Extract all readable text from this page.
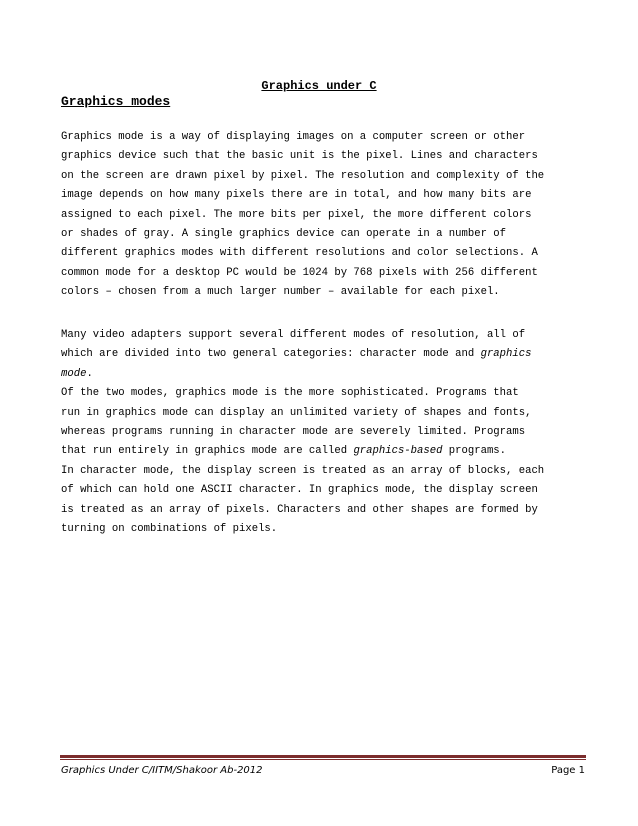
Graphics under C
Graphics modes
Graphics mode is a way of displaying images on a computer screen or other
graphics device such that the basic unit is the pixel. Lines and characters
on the screen are drawn pixel by pixel. The resolution and complexity of the
image depends on how many pixels there are in total, and how many bits are
assigned to each pixel. The more bits per pixel, the more different colors
or shades of gray. A single graphics device can operate in a number of
different graphics modes with different resolutions and color selections. A
common mode for a desktop PC would be 1024 by 768 pixels with 256 different
colors – chosen from a much larger number – available for each pixel.
Many video adapters support several different modes of resolution, all of
which are divided into two general categories: character mode and graphics
mode.
Of the two modes, graphics mode is the more sophisticated. Programs that
run in graphics mode can display an unlimited variety of shapes and fonts,
whereas programs running in character mode are severely limited. Programs
that run entirely in graphics mode are called graphics-based programs.
In character mode, the display screen is treated as an array of blocks, each
of which can hold one ASCII character. In graphics mode, the display screen
is treated as an array of pixels. Characters and other shapes are formed by
turning on combinations of pixels.
Graphics Under C/IITM/Shakoor Ab-2012	Page 1
